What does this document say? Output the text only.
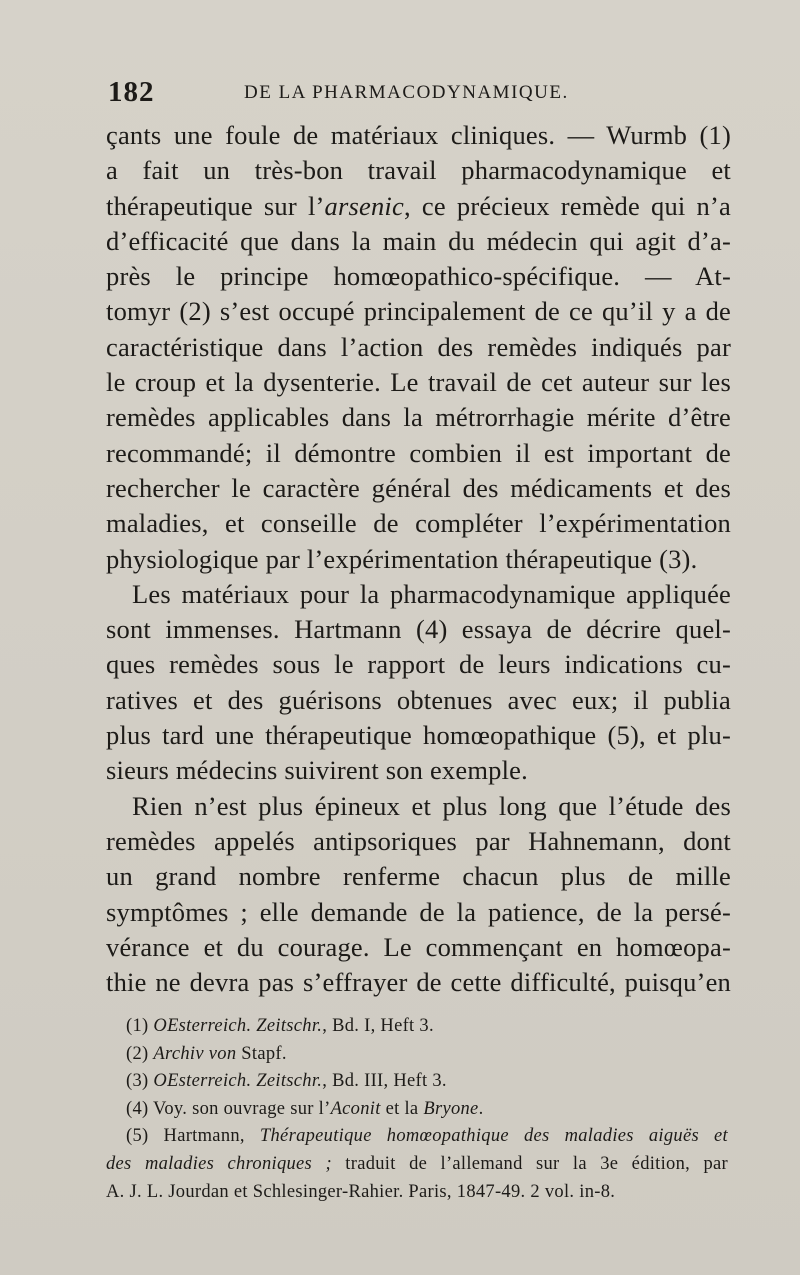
182	DE LA PHARMACODYNAMIQUE.
çants une foule de matériaux cliniques. — Wurmb (1)
a fait un très-bon travail pharmacodynamique et
thérapeutique sur l’arsenic, ce précieux remède qui n’a
d’efficacité que dans la main du médecin qui agit d’a-
près le principe homœopathico-spécifique. — At-
tomyr (2) s’est occupé principalement de ce qu’il y a de
caractéristique dans l’action des remèdes indiqués par
le croup et la dysenterie. Le travail de cet auteur sur les
remèdes applicables dans la métrorrhagie mérite d’être
recommandé; il démontre combien il est important de
rechercher le caractère général des médicaments et des
maladies, et conseille de compléter l’expérimentation
physiologique par l’expérimentation thérapeutique (3).
Les matériaux pour la pharmacodynamique appliquée
sont immenses. Hartmann (4) essaya de décrire quel-
ques remèdes sous le rapport de leurs indications cu-
ratives et des guérisons obtenues avec eux; il publia
plus tard une thérapeutique homœopathique (5), et plu-
sieurs médecins suivirent son exemple.
Rien n’est plus épineux et plus long que l’étude des
remèdes appelés antipsoriques par Hahnemann, dont
un grand nombre renferme chacun plus de mille
symptômes ; elle demande de la patience, de la persé-
vérance et du courage. Le commençant en homœopa-
thie ne devra pas s’effrayer de cette difficulté, puisqu’en
(1) OEsterreich. Zeitschr., Bd. I, Heft 3.
(2) Archiv von Stapf.
(3) OEsterreich. Zeitschr., Bd. III, Heft 3.
(4) Voy. son ouvrage sur l’Aconit et la Bryone.
(5) Hartmann, Thérapeutique homœopathique des maladies aiguës et
des maladies chroniques ; traduit de l’allemand sur la 3e édition, par
A. J. L. Jourdan et Schlesinger-Rahier. Paris, 1847-49. 2 vol. in-8.
